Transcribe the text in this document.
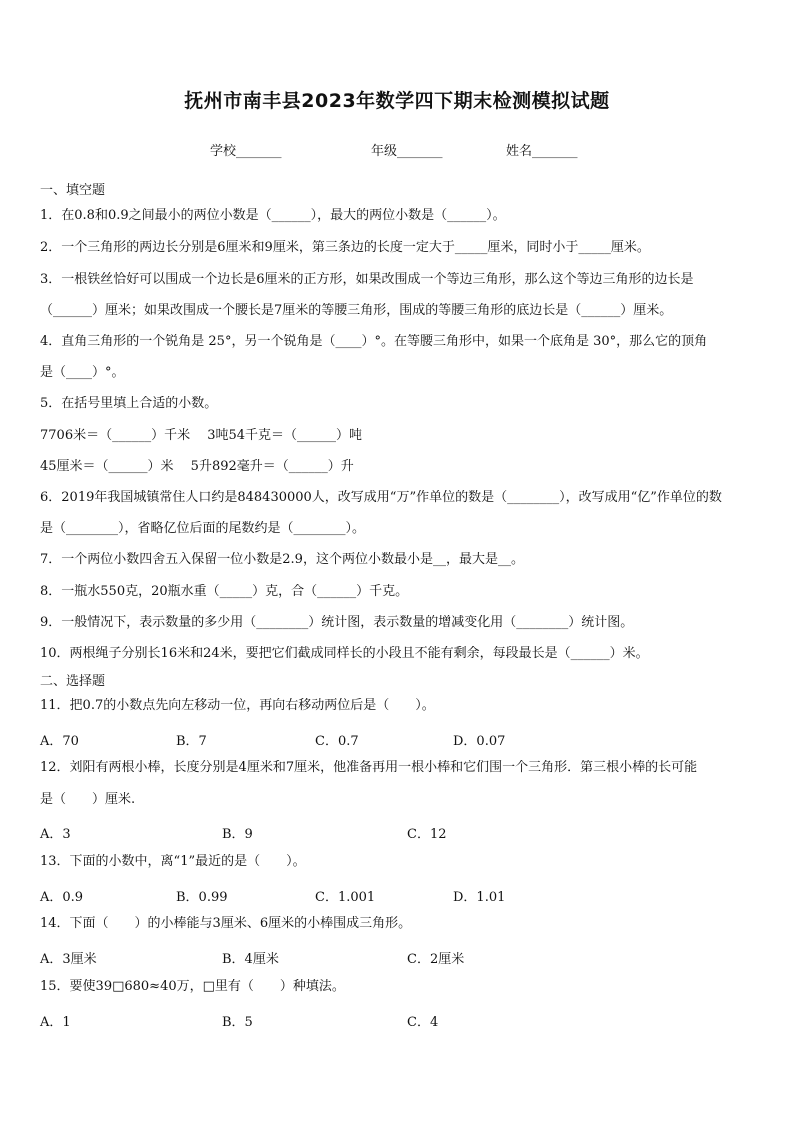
抚州市南丰县2023年数学四下期末检测模拟试题
学校_______	年级_______	姓名_______
一、填空题
1．在0.8和0.9之间最小的两位小数是（______），最大的两位小数是（______）。
2．一个三角形的两边长分别是6厘米和9厘米，第三条边的长度一定大于_____厘米，同时小于_____厘米。
3．一根铁丝恰好可以围成一个边长是6厘米的正方形，如果改围成一个等边三角形，那么这个等边三角形的边长是
（______）厘米；如果改围成一个腰长是7厘米的等腰三角形，围成的等腰三角形的底边长是（______）厘米。
4．直角三角形的一个锐角是 25°，另一个锐角是（____）°。在等腰三角形中，如果一个底角是 30°，那么它的顶角
是（____）°。
5．在括号里填上合适的小数。
7706米＝（______）千米　 3吨54千克＝（______）吨
45厘米＝（______）米　 5升892毫升＝（______）升
6．2019年我国城镇常住人口约是848430000人，改写成用“万”作单位的数是（________），改写成用“亿”作单位的数
是（________），省略亿位后面的尾数约是（________）。
7．一个两位小数四舍五入保留一位小数是2.9，这个两位小数最小是__，最大是__。
8．一瓶水550克，20瓶水重（_____）克，合（______）千克。
9．一般情况下，表示数量的多少用（________）统计图，表示数量的增减变化用（________）统计图。
10．两根绳子分别长16米和24米，要把它们截成同样长的小段且不能有剩余，每段最长是（______）米。
二、选择题
11．把0.7的小数点先向左移动一位，再向右移动两位后是（　　）。
A．70	B．7	C．0.7	D．0.07
12．刘阳有两根小棒，长度分别是4厘米和7厘米，他准备再用一根小棒和它们围一个三角形．第三根小棒的长可能
是（　　）厘米.
A．3	B．9	C．12
13．下面的小数中，离“1”最近的是（　　）。
A．0.9	B．0.99	C．1.001	D．1.01
14．下面（　　）的小棒能与3厘米、6厘米的小棒围成三角形。
A．3厘米	B．4厘米	C．2厘米
15．要使39□680≈40万，□里有（　　）种填法。
A．1	B．5	C．4
